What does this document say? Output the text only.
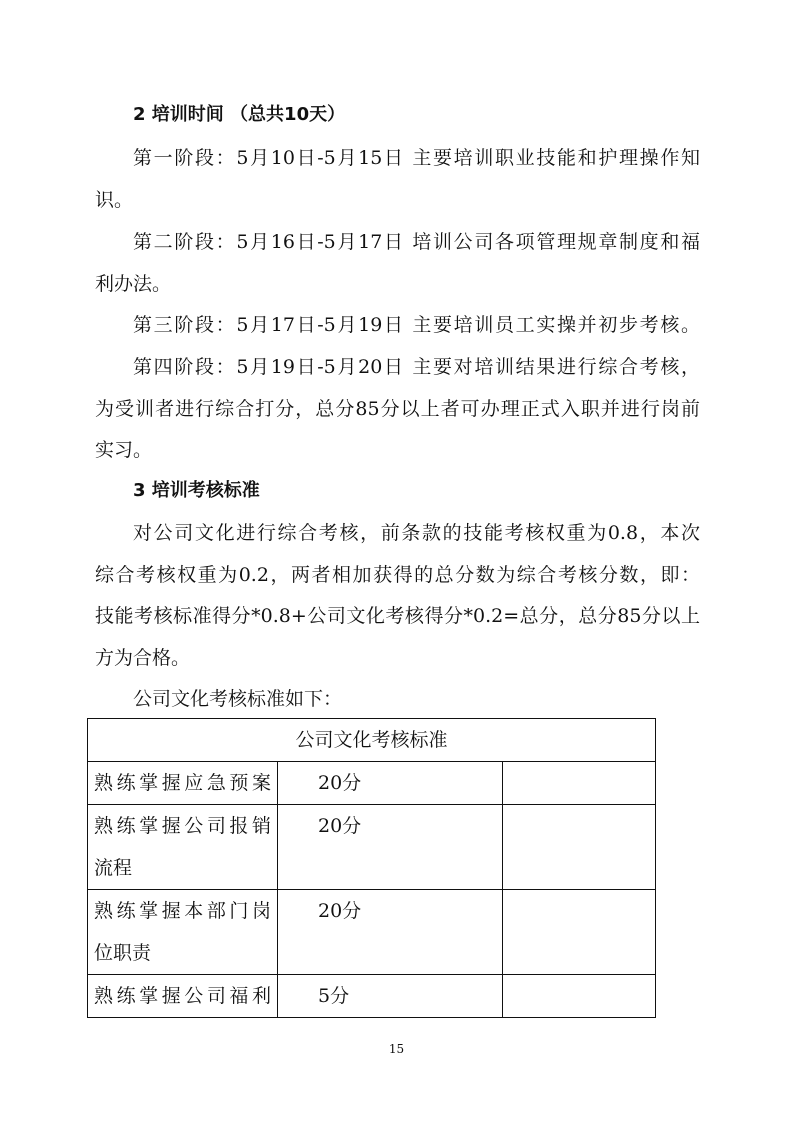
2 培训时间 （总共10天）
第一阶段：5月10日-5月15日 主要培训职业技能和护理操作知
识。
第二阶段：5月16日-5月17日 培训公司各项管理规章制度和福
利办法。
第三阶段：5月17日-5月19日 主要培训员工实操并初步考核。
第四阶段：5月19日-5月20日 主要对培训结果进行综合考核，
为受训者进行综合打分，总分85分以上者可办理正式入职并进行岗前
实习。
3 培训考核标准
对公司文化进行综合考核，前条款的技能考核权重为0.8，本次
综合考核权重为0.2，两者相加获得的总分数为综合考核分数，即：
技能考核标准得分*0.8+公司文化考核得分*0.2=总分，总分85分以上
方为合格。
公司文化考核标准如下：
公司文化考核标准		
熟练掌握应急预案	20分	

熟练掌握公司报销
流程	20分	

熟练掌握本部门岗
位职责	20分	

熟练掌握公司福利	5分	
15
